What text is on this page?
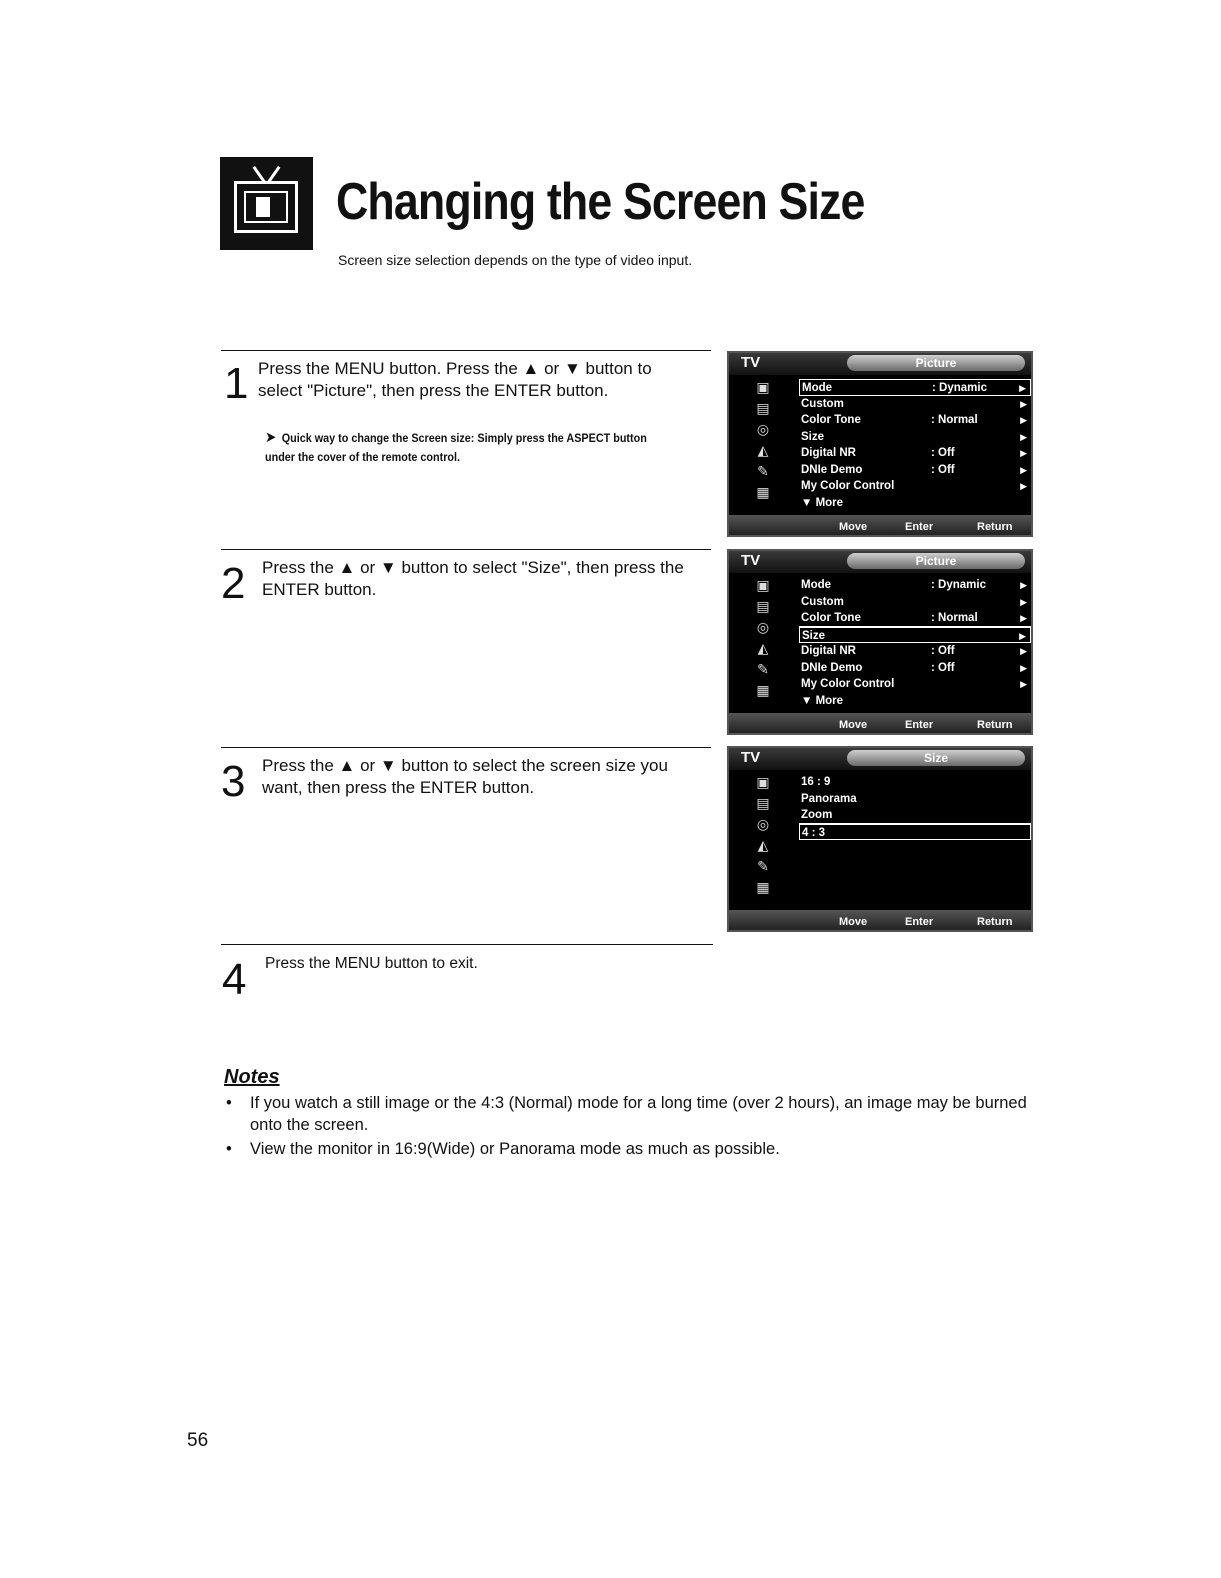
Changing the Screen Size
Screen size selection depends on the type of video input.
1 Press the MENU button. Press the ▲ or ▼ button to select "Picture", then press the ENTER button.
➤ Quick way to change the Screen size: Simply press the ASPECT button under the cover of the remote control.
TV	Picture
▣
▤
◎
◭
✎
▦
Mode	: Dynamic	▶
Custom	▶
Color Tone	: Normal	▶
Size	▶
Digital NR	: Off	▶
DNIe Demo	: Off	▶
My Color Control	▶
▼ More
Move	Enter	Return
2 Press the ▲ or ▼ button to select "Size", then press the ENTER button.
TV	Picture
▣
▤
◎
◭
✎
▦
Mode	: Dynamic	▶
Custom	▶
Color Tone	: Normal	▶
Size	▶
Digital NR	: Off	▶
DNIe Demo	: Off	▶
My Color Control	▶
▼ More
Move	Enter	Return
3 Press the ▲ or ▼ button to select the screen size you want, then press the ENTER button.
TV	Size
▣
▤
◎
◭
✎
▦
16 : 9
Panorama
Zoom
4 : 3
Move	Enter	Return
4 Press the MENU button to exit.
Notes
• If you watch a still image or the 4:3 (Normal) mode for a long time (over 2 hours), an image may be burned onto the screen.
• View the monitor in 16:9(Wide) or Panorama mode as much as possible.
56
